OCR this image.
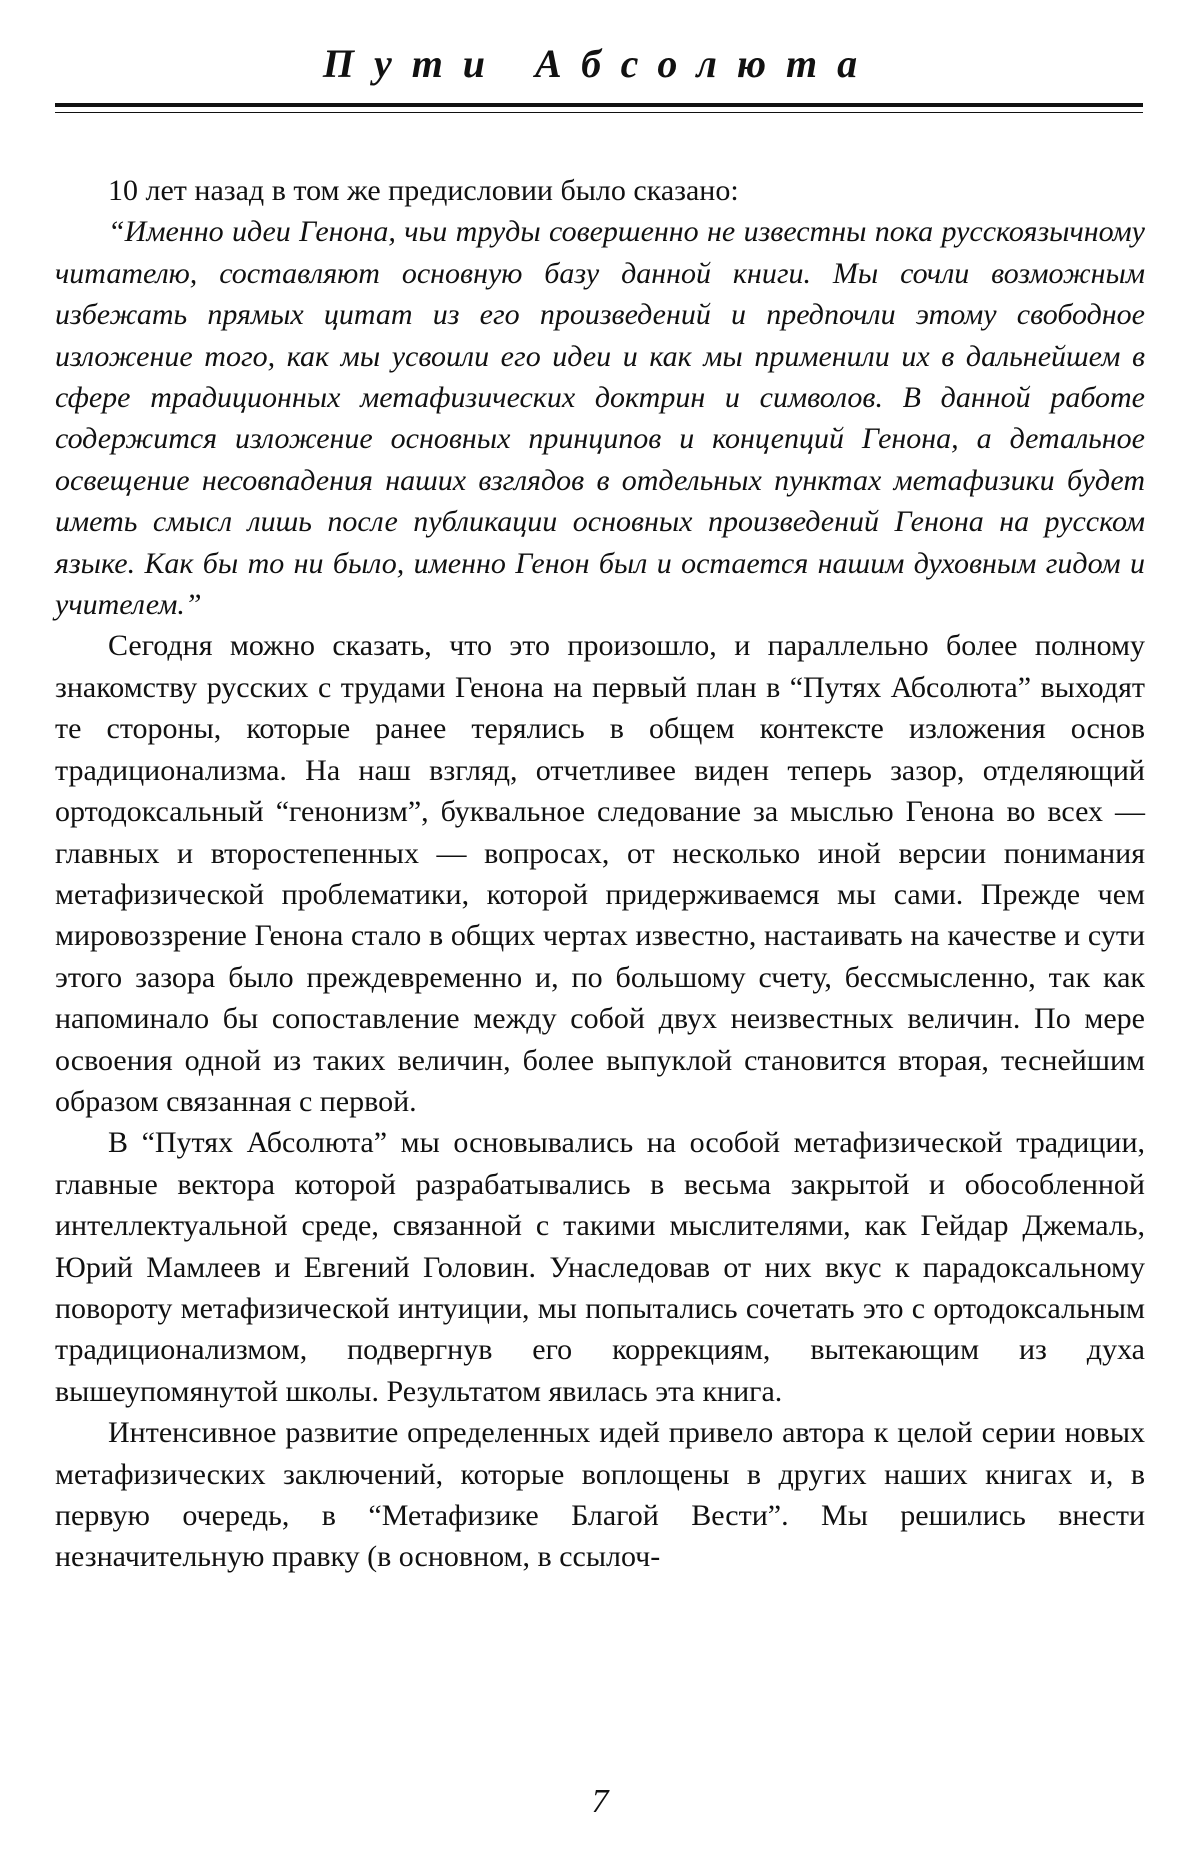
Пути Абсолюта

10 лет назад в том же предисловии было сказано:

“Именно идеи Генона, чьи труды совершенно не известны пока русскоязычному читателю, составляют основную базу данной книги. Мы сочли возможным избежать прямых цитат из его произведений и предпочли этому свободное изложение того, как мы усвоили его идеи и как мы применили их в дальнейшем в сфере традиционных метафизических доктрин и символов. В данной работе содержится изложение основных принципов и концепций Генона, а детальное освещение несовпадения наших взглядов в отдельных пунктах метафизики будет иметь смысл лишь после публикации основных произведений Генона на русском языке. Как бы то ни было, именно Генон был и остается нашим духовным гидом и учителем.”

Сегодня можно сказать, что это произошло, и параллельно более полному знакомству русских с трудами Генона на первый план в “Путях Абсолюта” выходят те стороны, которые ранее терялись в общем контексте изложения основ традиционализма. На наш взгляд, отчетливее виден теперь зазор, отделяющий ортодоксальный “генонизм”, буквальное следование за мыслью Генона во всех — главных и второстепенных — вопросах, от несколько иной версии понимания метафизической проблематики, которой придерживаемся мы сами. Прежде чем мировоззрение Генона стало в общих чертах известно, настаивать на качестве и сути этого зазора было преждевременно и, по большому счету, бессмысленно, так как напоминало бы сопоставление между собой двух неизвестных величин. По мере освоения одной из таких величин, более выпуклой становится вторая, теснейшим образом связанная с первой.

В “Путях Абсолюта” мы основывались на особой метафизической традиции, главные вектора которой разрабатывались в весьма закрытой и обособленной интеллектуальной среде, связанной с такими мыслителями, как Гейдар Джемаль, Юрий Мамлеев и Евгений Головин. Унаследовав от них вкус к парадоксальному повороту метафизической интуиции, мы попытались сочетать это с ортодоксальным традиционализмом, подвергнув его коррекциям, вытекающим из духа вышеупомянутой школы. Результатом явилась эта книга.

Интенсивное развитие определенных идей привело автора к целой серии новых метафизических заключений, которые воплощены в других наших книгах и, в первую очередь, в “Метафизике Благой Вести”. Мы решились внести незначительную правку (в основном, в ссылоч-

7
